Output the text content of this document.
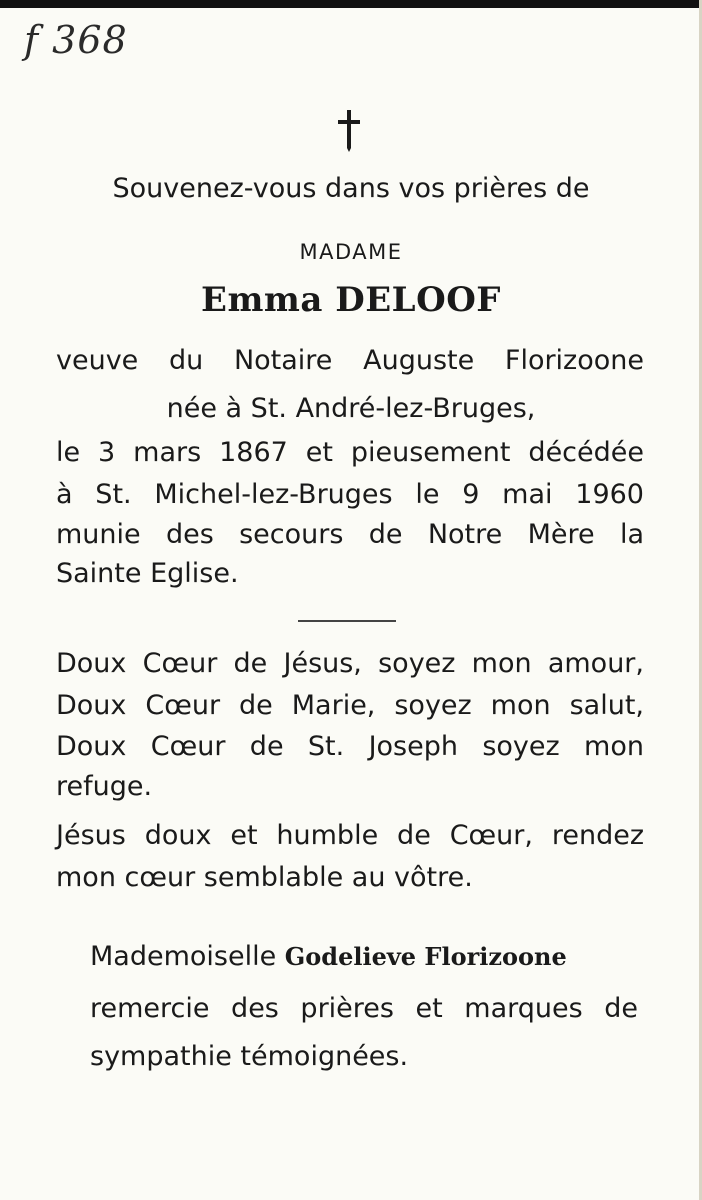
f 368
Souvenez-vous dans vos prières de
MADAME
Emma DELOOF
veuve du Notaire Auguste Florizoone
née à St. André-lez-Bruges,
le 3 mars 1867 et pieusement décédée
à St. Michel-lez-Bruges le 9 mai 1960
munie des secours de Notre Mère la
Sainte Eglise.
Doux Cœur de Jésus, soyez mon amour,
Doux Cœur de Marie, soyez mon salut,
Doux Cœur de St. Joseph soyez mon
refuge.
Jésus doux et humble de Cœur, rendez
mon cœur semblable au vôtre.
Mademoiselle Godelieve Florizoone
remercie des prières et marques de
sympathie témoignées.
